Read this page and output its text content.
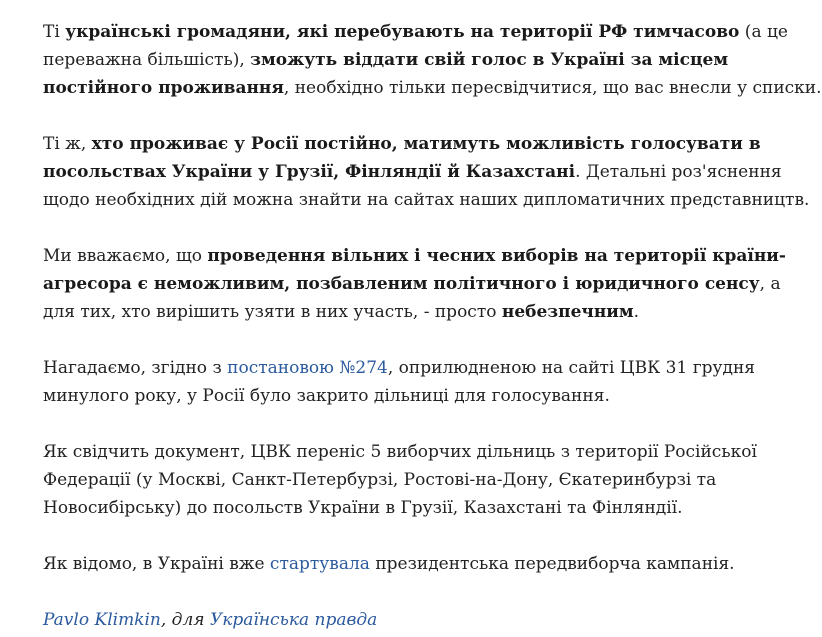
Ті українські громадяни, які перебувають на території РФ тимчасово (а це
переважна більшість), зможуть віддати свій голос в Україні за місцем
постійного проживання, необхідно тільки пересвідчитися, що вас внесли у списки.

Ті ж, хто проживає у Росії постійно, матимуть можливість голосувати в
посольствах України у Грузії, Фінляндії й Казахстані. Детальні роз'яснення
щодо необхідних дій можна знайти на сайтах наших дипломатичних представництв.

Ми вважаємо, що проведення вільних і чесних виборів на території країни-
агресора є неможливим, позбавленим політичного і юридичного сенсу, а
для тих, хто вирішить узяти в них участь, - просто небезпечним.

Нагадаємо, згідно з постановою №274, оприлюдненою на сайті ЦВК 31 грудня
минулого року, у Росії було закрито дільниці для голосування.

Як свідчить документ, ЦВК переніс 5 виборчих дільниць з території Російської
Федерації (у Москві, Санкт-Петербурзі, Ростові-на-Дону, Єкатеринбурзі та
Новосибірську) до посольств України в Грузії, Казахстані та Фінляндії.

Як відомо, в Україні вже стартувала президентська передвиборча кампанія.

Pavlo Klimkin, для Українська правда
